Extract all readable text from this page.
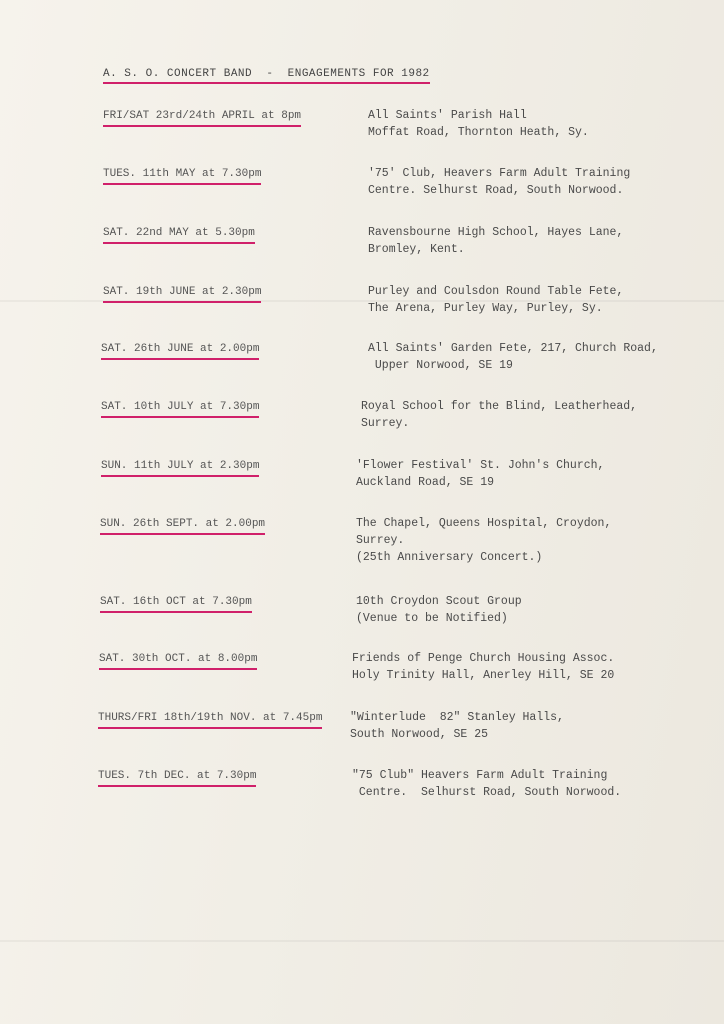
A. S. O. CONCERT BAND  -  ENGAGEMENTS FOR 1982
FRI/SAT 23rd/24th APRIL at 8pm	All Saints' Parish Hall
Moffat Road, Thornton Heath, Sy.
TUES. 11th MAY at 7.30pm	'75' Club, Heavers Farm Adult Training
Centre. Selhurst Road, South Norwood.
SAT. 22nd MAY at 5.30pm	Ravensbourne High School, Hayes Lane,
Bromley, Kent.
SAT. 19th JUNE at 2.30pm	Purley and Coulsdon Round Table Fete,
The Arena, Purley Way, Purley, Sy.
SAT. 26th JUNE at 2.00pm	All Saints' Garden Fete, 217, Church Road,
Upper Norwood, SE 19
SAT. 10th JULY at 7.30pm	Royal School for the Blind, Leatherhead,
Surrey.
SUN. 11th JULY at 2.30pm	'Flower Festival' St. John's Church,
Auckland Road, SE 19
SUN. 26th SEPT. at 2.00pm	The Chapel, Queens Hospital, Croydon,
Surrey.
(25th Anniversary Concert.)
SAT. 16th OCT at 7.30pm	10th Croydon Scout Group
(Venue to be Notified)
SAT. 30th OCT. at 8.00pm	Friends of Penge Church Housing Assoc.
Holy Trinity Hall, Anerley Hill, SE 20
THURS/FRI 18th/19th NOV. at 7.45pm "Winterlude  82" Stanley Halls,
South Norwood, SE 25
TUES. 7th DEC. at 7.30pm	"75 Club" Heavers Farm Adult Training
Centre.  Selhurst Road, South Norwood.
